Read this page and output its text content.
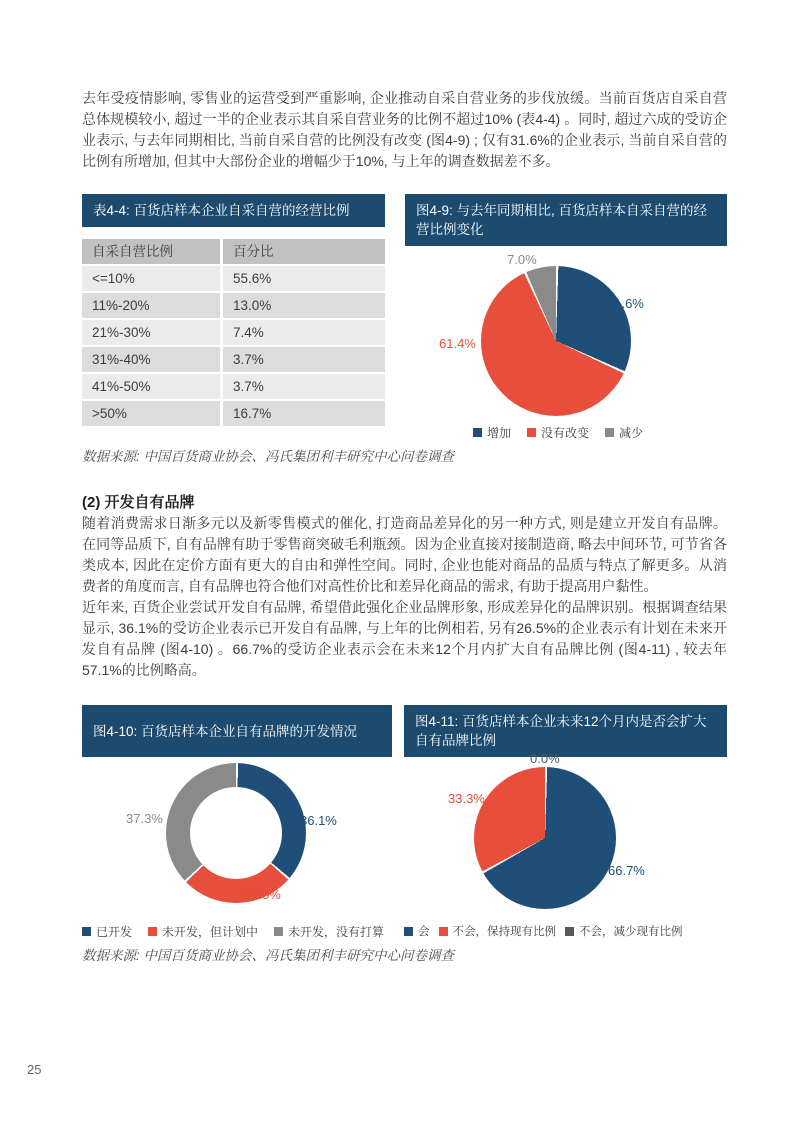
去年受疫情影响, 零售业的运营受到严重影响, 企业推动自采自营业务的步伐放缓。当前百货店自采自营总体规模较小, 超过一半的企业表示其自采自营业务的比例不超过10% (表4-4) 。同时, 超过六成的受访企业表示, 与去年同期相比, 当前自采自营的比例没有改变 (图4-9) ; 仅有31.6%的企业表示, 当前自采自营的比例有所增加, 但其中大部份企业的增幅少于10%, 与上年的调查数据差不多。

表4-4: 百货店样本企业自采自营的经营比例
自采自营比例	百分比
<=10%	55.6%
11%-20%	13.0%
21%-30%	7.4%
31%-40%	3.7%
41%-50%	3.7%
>50%	16.7%
图4-9: 与去年同期相比, 百货店样本自采自营的经营比例变化
31.6%
61.4%
7.0%
增加	没有改变	减少

数据来源: 中国百货商业协会、冯氏集团利丰研究中心问卷调查

(2) 开发自有品牌

随着消费需求日渐多元以及新零售模式的催化, 打造商品差异化的另一种方式, 则是建立开发自有品牌。在同等品质下, 自有品牌有助于零售商突破毛利瓶颈。因为企业直接对接制造商, 略去中间环节, 可节省各类成本, 因此在定价方面有更大的自由和弹性空间。同时, 企业也能对商品的品质与特点了解更多。从消费者的角度而言, 自有品牌也符合他们对高性价比和差异化商品的需求, 有助于提高用户黏性。

近年来, 百货企业尝试开发自有品牌, 希望借此强化企业品牌形象, 形成差异化的品牌识别。根据调查结果显示, 36.1%的受访企业表示已开发自有品牌, 与上年的比例相若, 另有26.5%的企业表示有计划在未来开发自有品牌 (图4-10) 。66.7%的受访企业表示会在未来12个月内扩大自有品牌比例 (图4-11) , 较去年57.1%的比例略高。

图4-10: 百货店样本企业自有品牌的开发情况
36.1%
26.5%
37.3%
已开发	未开发，但计划中	未开发，没有打算
图4-11: 百货店样本企业未来12个月内是否会扩大自有品牌比例
66.7%
33.3%
0.0%
会 不会，保持现有比例 不会，减少现有比例

数据来源: 中国百货商业协会、冯氏集团利丰研究中心问卷调查

25
